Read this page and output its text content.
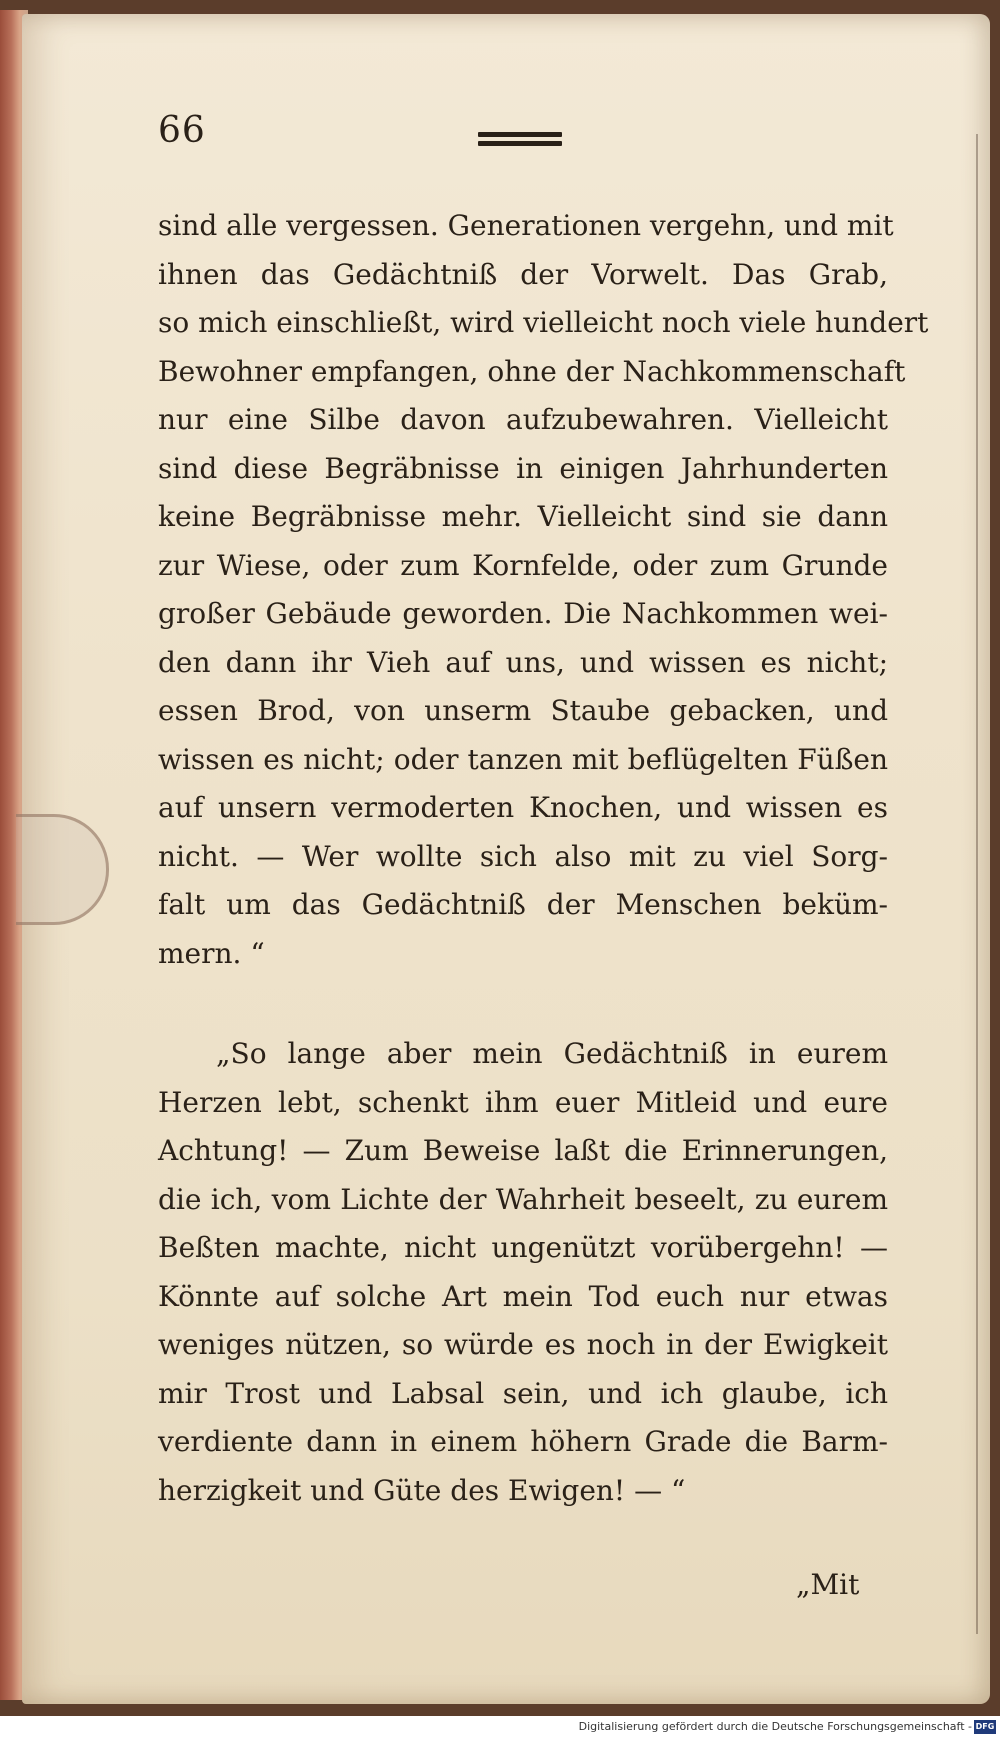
66
sind alle vergessen. Generationen vergehn, und mit
ihnen das Gedächtniß der Vorwelt. Das Grab,
so mich einschließt, wird vielleicht noch viele hundert
Bewohner empfangen, ohne der Nachkommenschaft
nur eine Silbe davon aufzubewahren. Vielleicht
sind diese Begräbnisse in einigen Jahrhunderten
keine Begräbnisse mehr. Vielleicht sind sie dann
zur Wiese, oder zum Kornfelde, oder zum Grunde
großer Gebäude geworden. Die Nachkommen wei-
den dann ihr Vieh auf uns, und wissen es nicht;
essen Brod, von unserm Staube gebacken, und
wissen es nicht; oder tanzen mit beflügelten Füßen
auf unsern vermoderten Knochen, und wissen es
nicht. — Wer wollte sich also mit zu viel Sorg-
falt um das Gedächtniß der Menschen beküm-
mern. “
„So lange aber mein Gedächtniß in eurem
Herzen lebt, schenkt ihm euer Mitleid und eure
Achtung! — Zum Beweise laßt die Erinnerungen,
die ich, vom Lichte der Wahrheit beseelt, zu eurem
Beßten machte, nicht ungenützt vorübergehn! —
Könnte auf solche Art mein Tod euch nur etwas
weniges nützen, so würde es noch in der Ewigkeit
mir Trost und Labsal sein, und ich glaube, ich
verdiente dann in einem höhern Grade die Barm-
herzigkeit und Güte des Ewigen! — “
„Mit
Digitalisierung gefördert durch die Deutsche Forschungsgemeinschaft - DFG
